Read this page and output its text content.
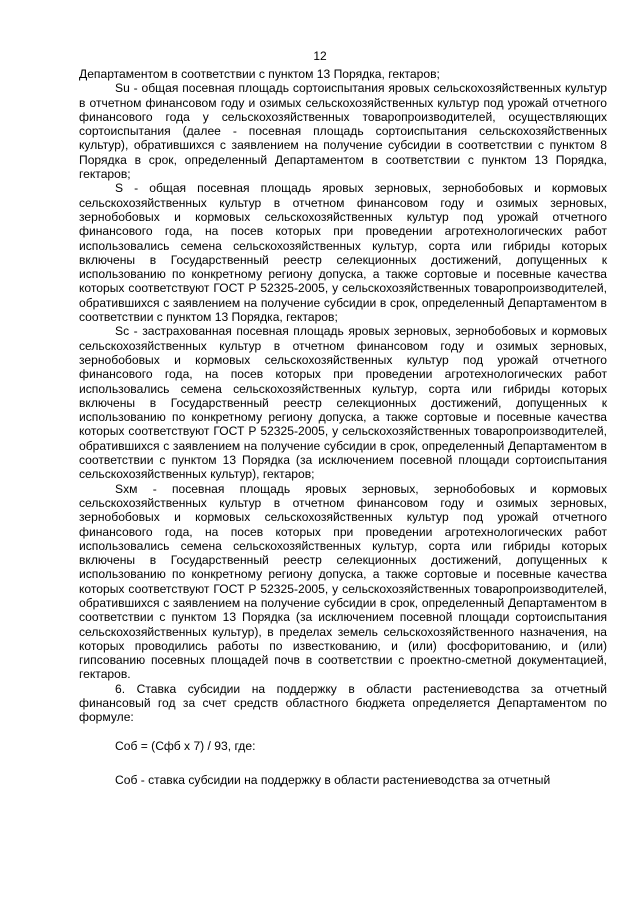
12

Департаментом в соответствии с пунктом 13 Порядка, гектаров;

Su - общая посевная площадь сортоиспытания яровых сельскохозяйственных культур в отчетном финансовом году и озимых сельскохозяйственных культур под урожай отчетного финансового года у сельскохозяйственных товаропроизводителей, осуществляющих сортоиспытания (далее - посевная площадь сортоиспытания сельскохозяйственных культур), обратившихся с заявлением на получение субсидии в соответствии с пунктом 8 Порядка в срок, определенный Департаментом в соответствии с пунктом 13 Порядка, гектаров;

S - общая посевная площадь яровых зерновых, зернобобовых и кормовых сельскохозяйственных культур в отчетном финансовом году и озимых зерновых, зернобобовых и кормовых сельскохозяйственных культур под урожай отчетного финансового года, на посев которых при проведении агротехнологических работ использовались семена сельскохозяйственных культур, сорта или гибриды которых включены в Государственный реестр селекционных достижений, допущенных к использованию по конкретному региону допуска, а также сортовые и посевные качества которых соответствуют ГОСТ Р 52325-2005, у сельскохозяйственных товаропроизводителей, обратившихся с заявлением на получение субсидии в срок, определенный Департаментом в соответствии с пунктом 13 Порядка, гектаров;

Sc - застрахованная посевная площадь яровых зерновых, зернобобовых и кормовых сельскохозяйственных культур в отчетном финансовом году и озимых зерновых, зернобобовых и кормовых сельскохозяйственных культур под урожай отчетного финансового года, на посев которых при проведении агротехнологических работ использовались семена сельскохозяйственных культур, сорта или гибриды которых включены в Государственный реестр селекционных достижений, допущенных к использованию по конкретному региону допуска, а также сортовые и посевные качества которых соответствуют ГОСТ Р 52325-2005, у сельскохозяйственных товаропроизводителей, обратившихся с заявлением на получение субсидии в срок, определенный Департаментом в соответствии с пунктом 13 Порядка (за исключением посевной площади сортоиспытания сельскохозяйственных культур), гектаров;

Sхм - посевная площадь яровых зерновых, зернобобовых и кормовых сельскохозяйственных культур в отчетном финансовом году и озимых зерновых, зернобобовых и кормовых сельскохозяйственных культур под урожай отчетного финансового года, на посев которых при проведении агротехнологических работ использовались семена сельскохозяйственных культур, сорта или гибриды которых включены в Государственный реестр селекционных достижений, допущенных к использованию по конкретному региону допуска, а также сортовые и посевные качества которых соответствуют ГОСТ Р 52325-2005, у сельскохозяйственных товаропроизводителей, обратившихся с заявлением на получение субсидии в срок, определенный Департаментом в соответствии с пунктом 13 Порядка (за исключением посевной площади сортоиспытания сельскохозяйственных культур), в пределах земель сельскохозяйственного назначения, на которых проводились работы по известкованию, и (или) фосфоритованию, и (или) гипсованию посевных площадей почв в соответствии с проектно-сметной документацией, гектаров.

6. Ставка субсидии на поддержку в области растениеводства за отчетный финансовый год за счет средств областного бюджета определяется Департаментом по формуле:

Соб = (Сфб х 7) / 93, где:

Соб - ставка субсидии на поддержку в области растениеводства за отчетный
